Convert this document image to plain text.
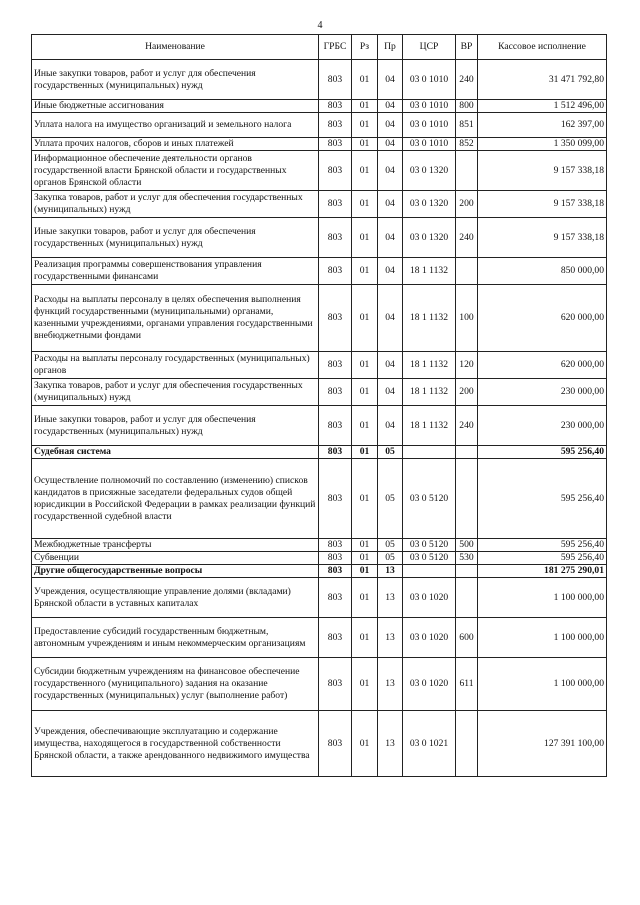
4
Наименование	ГРБС	Рз	Пр	ЦСР	ВР	Кассовое исполнение
Иные закупки товаров, работ и услуг для обеспечения государственных (муниципальных) нужд	803	01	04	03 0 1010	240	31 471 792,80
Иные бюджетные ассигнования	803	01	04	03 0 1010	800	1 512 496,00
Уплата налога на имущество организаций и земельного налога	803	01	04	03 0 1010	851	162 397,00
Уплата прочих налогов, сборов и иных платежей	803	01	04	03 0 1010	852	1 350 099,00
Информационное обеспечение деятельности органов государственной власти Брянской области и государственных органов Брянской области	803	01	04	03 0 1320		9 157 338,18
Закупка товаров, работ и услуг для обеспечения государственных (муниципальных) нужд	803	01	04	03 0 1320	200	9 157 338,18
Иные закупки товаров, работ и услуг для обеспечения государственных (муниципальных) нужд	803	01	04	03 0 1320	240	9 157 338,18
Реализация программы совершенствования управления государственными финансами	803	01	04	18 1 1132		850 000,00
Расходы на выплаты персоналу в целях обеспечения выполнения функций государственными (муниципальными) органами, казенными учреждениями, органами управления государственными внебюджетными фондами	803	01	04	18 1 1132	100	620 000,00
Расходы на выплаты персоналу государственных (муниципальных) органов	803	01	04	18 1 1132	120	620 000,00
Закупка товаров, работ и услуг для обеспечения государственных (муниципальных) нужд	803	01	04	18 1 1132	200	230 000,00
Иные закупки товаров, работ и услуг для обеспечения государственных (муниципальных) нужд	803	01	04	18 1 1132	240	230 000,00
Судебная система	803	01	05			595 256,40
Осуществление полномочий по составлению (изменению) списков кандидатов в присяжные заседатели федеральных судов общей юрисдикции в Российской Федерации в рамках реализации функций государственной судебной власти	803	01	05	03 0 5120		595 256,40
Межбюджетные трансферты	803	01	05	03 0 5120	500	595 256,40
Субвенции	803	01	05	03 0 5120	530	595 256,40
Другие общегосударственные вопросы	803	01	13			181 275 290,01
Учреждения, осуществляющие управление долями (вкладами) Брянской области в уставных капиталах	803	01	13	03 0 1020		1 100 000,00
Предоставление субсидий государственным бюджетным, автономным учреждениям и иным некоммерческим организациям	803	01	13	03 0 1020	600	1 100 000,00
Субсидии бюджетным учреждениям на финансовое обеспечение государственного (муниципального) задания на оказание государственных (муниципальных) услуг (выполнение работ)	803	01	13	03 0 1020	611	1 100 000,00
Учреждения, обеспечивающие эксплуатацию и содержание имущества, находящегося в государственной собственности Брянской области, а также арендованного недвижимого имущества	803	01	13	03 0 1021		127 391 100,00
